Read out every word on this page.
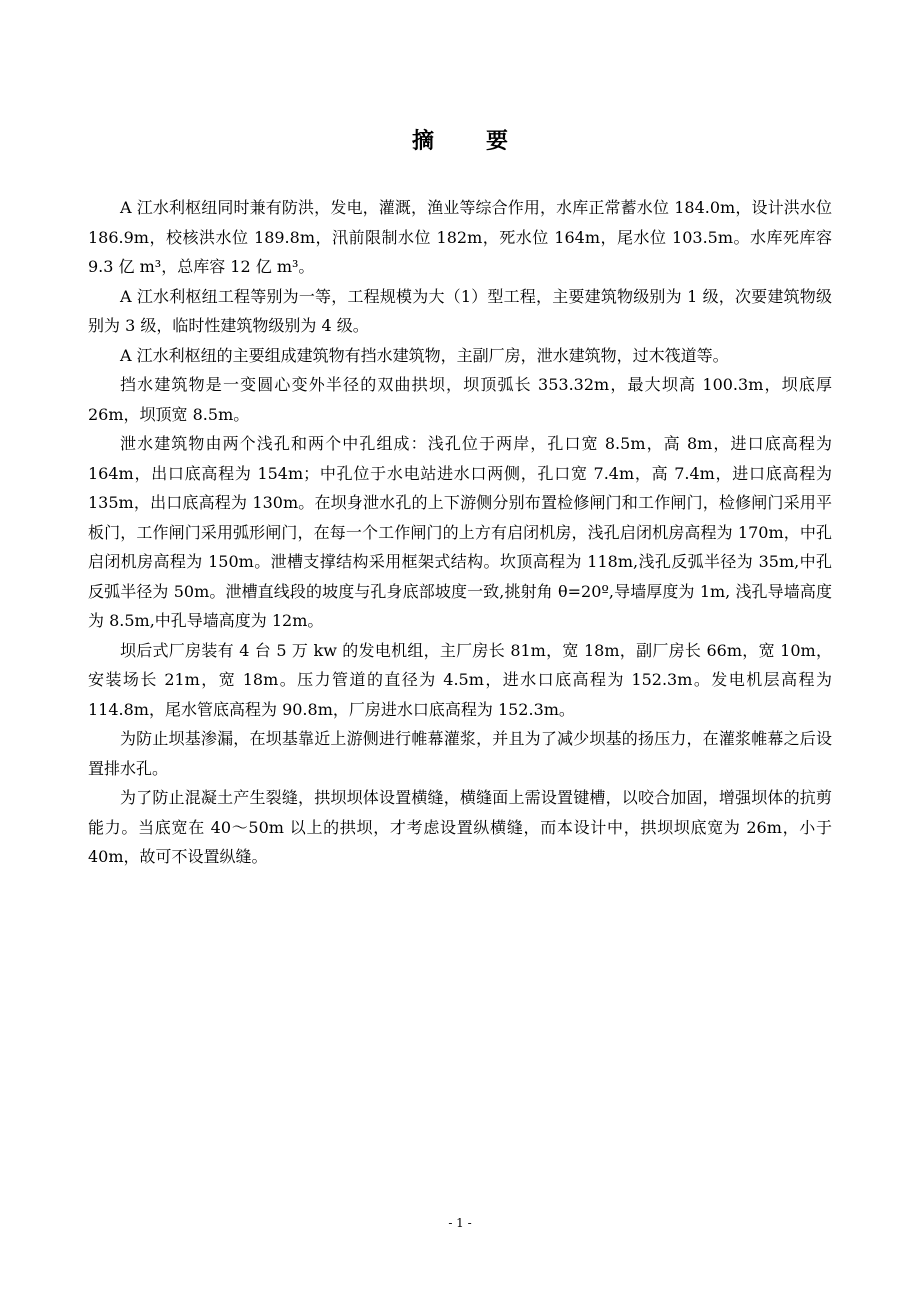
摘 要

A 江水利枢纽同时兼有防洪，发电，灌溉，渔业等综合作用，水库正常蓄水位 184.0m，设计洪水位 186.9m，校核洪水位 189.8m，汛前限制水位 182m，死水位 164m，尾水位 103.5m。水库死库容 9.3 亿 m³，总库容 12 亿 m³。

A 江水利枢纽工程等别为一等，工程规模为大（1）型工程，主要建筑物级别为 1 级，次要建筑物级别为 3 级，临时性建筑物级别为 4 级。

A 江水利枢纽的主要组成建筑物有挡水建筑物，主副厂房，泄水建筑物，过木筏道等。

挡水建筑物是一变圆心变外半径的双曲拱坝，坝顶弧长 353.32m，最大坝高 100.3m，坝底厚 26m，坝顶宽 8.5m。

泄水建筑物由两个浅孔和两个中孔组成：浅孔位于两岸，孔口宽 8.5m，高 8m，进口底高程为 164m，出口底高程为 154m；中孔位于水电站进水口两侧，孔口宽 7.4m，高 7.4m，进口底高程为 135m，出口底高程为 130m。在坝身泄水孔的上下游侧分别布置检修闸门和工作闸门，检修闸门采用平板门，工作闸门采用弧形闸门，在每一个工作闸门的上方有启闭机房，浅孔启闭机房高程为 170m，中孔启闭机房高程为 150m。泄槽支撑结构采用框架式结构。坎顶高程为 118m,浅孔反弧半径为 35m,中孔反弧半径为 50m。泄槽直线段的坡度与孔身底部坡度一致,挑射角 θ=20º,导墙厚度为 1m, 浅孔导墙高度为 8.5m,中孔导墙高度为 12m。

坝后式厂房装有 4 台 5 万 kw 的发电机组，主厂房长 81m，宽 18m，副厂房长 66m，宽 10m，安装场长 21m，宽 18m。压力管道的直径为 4.5m，进水口底高程为 152.3m。发电机层高程为 114.8m，尾水管底高程为 90.8m，厂房进水口底高程为 152.3m。

为防止坝基渗漏，在坝基靠近上游侧进行帷幕灌浆，并且为了减少坝基的扬压力，在灌浆帷幕之后设置排水孔。

为了防止混凝土产生裂缝，拱坝坝体设置横缝，横缝面上需设置键槽，以咬合加固，增强坝体的抗剪能力。当底宽在 40～50m 以上的拱坝，才考虑设置纵横缝，而本设计中，拱坝坝底宽为 26m，小于 40m，故可不设置纵缝。

- 1 -
